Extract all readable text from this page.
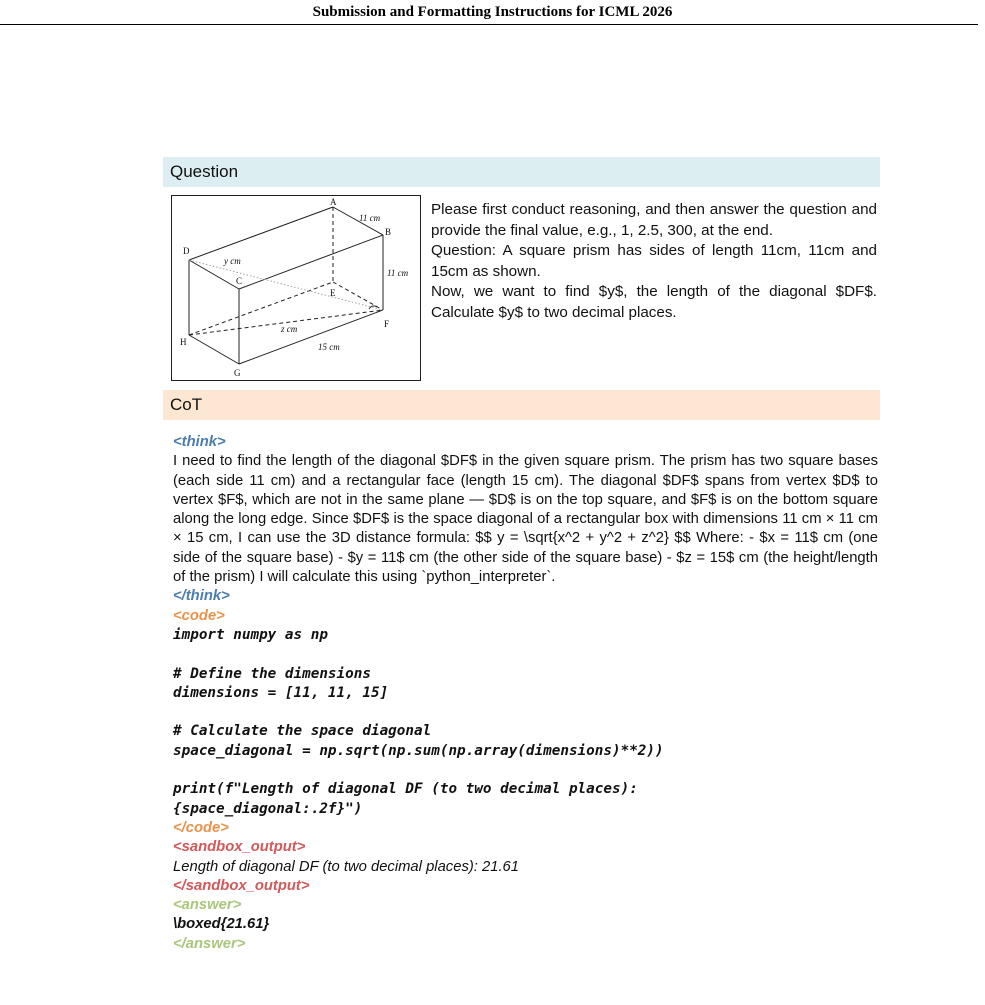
Submission and Formatting Instructions for ICML 2026
Question
A
B
C
D
E
F
G
H
11 cm
11 cm
15 cm
y cm
z cm

Please first conduct reasoning, and then answer the question and provide the final value, e.g., 1, 2.5, 300, at the end.

Question: A square prism has sides of length 11cm, 11cm and 15cm as shown.

Now, we want to find $y$, the length of the diagonal $DF$. Calculate $y$ to two decimal places.

CoT
<think>

I need to find the length of the diagonal $DF$ in the given square prism. The prism has two square bases (each side 11 cm) and a rectangular face (length 15 cm). The diagonal $DF$ spans from vertex $D$ to vertex $F$, which are not in the same plane — $D$ is on the top square, and $F$ is on the bottom square along the long edge. Since $DF$ is the space diagonal of a rectangular box with dimensions 11 cm × 11 cm × 15 cm, I can use the 3D distance formula: $$ y = \sqrt{x^2 + y^2 + z^2} $$ Where: - $x = 11$ cm (one side of the square base) - $y = 11$ cm (the other side of the square base) - $z = 15$ cm (the height/length of the prism) I will calculate this using `python_interpreter`.

</think>
<code>
import numpy as np

# Define the dimensions
dimensions = [11, 11, 15]

# Calculate the space diagonal
space_diagonal = np.sqrt(np.sum(np.array(dimensions)**2))

print(f"Length of diagonal DF (to two decimal places):
{space_diagonal:.2f}")
</code>
<sandbox_output>
Length of diagonal DF (to two decimal places): 21.61
</sandbox_output>
<answer>
\boxed{21.61}
</answer>
